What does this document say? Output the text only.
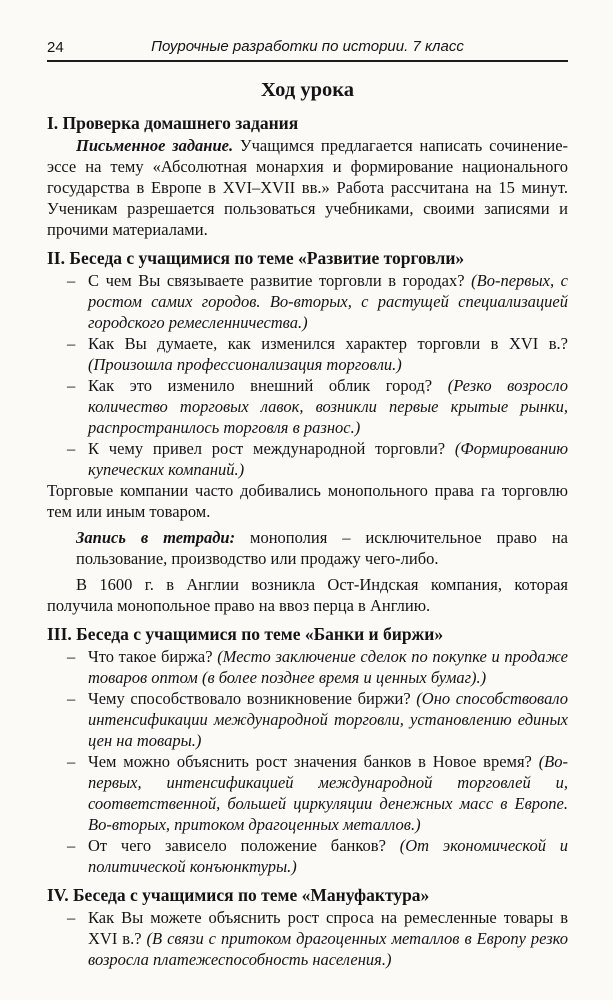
24	Поурочные разработки по истории. 7 класс
Ход урока
I. Проверка домашнего задания

Письменное задание. Учащимся предлагается написать сочинение-эссе на тему «Абсолютная монархия и формирование национального государства в Европе в XVI–XVII вв.» Работа рассчитана на 15 минут. Ученикам разрешается пользоваться учебниками, своими записями и прочими материалами.

II. Беседа с учащимися по теме «Развитие торговли»
– С чем Вы связываете развитие торговли в городах? (Во-первых, с ростом самих городов. Во-вторых, с растущей специализацией городского ремесленничества.)
– Как Вы думаете, как изменился характер торговли в XVI в.? (Произошла профессионализация торговли.)
– Как это изменило внешний облик город? (Резко возросло количество торговых лавок, возникли первые крытые рынки, распространилось торговля в разнос.)
– К чему привел рост международной торговли? (Формированию купеческих компаний.)

Торговые компании часто добивались монопольного права га торговлю тем или иным товаром.

Запись в тетради: монополия – исключительное право на пользование, производство или продажу чего-либо.

В 1600 г. в Англии возникла Ост-Индская компания, которая получила монопольное право на ввоз перца в Англию.

III. Беседа с учащимися по теме «Банки и биржи»
– Что такое биржа? (Место заключение сделок по покупке и продаже товаров оптом (в более позднее время и ценных бумаг).)
– Чему способствовало возникновение биржи? (Оно способствовало интенсификации международной торговли, установлению единых цен на товары.)
– Чем можно объяснить рост значения банков в Новое время? (Во-первых, интенсификацией международной торговлей и, соответственной, большей циркуляции денежных масс в Европе. Во-вторых, притоком драгоценных металлов.)
– От чего зависело положение банков? (От экономической и политической конъюнктуры.)
IV. Беседа с учащимися по теме «Мануфактура»
– Как Вы можете объяснить рост спроса на ремесленные товары в XVI в.? (В связи с притоком драгоценных металлов в Европу резко возросла платежеспособность населения.)
